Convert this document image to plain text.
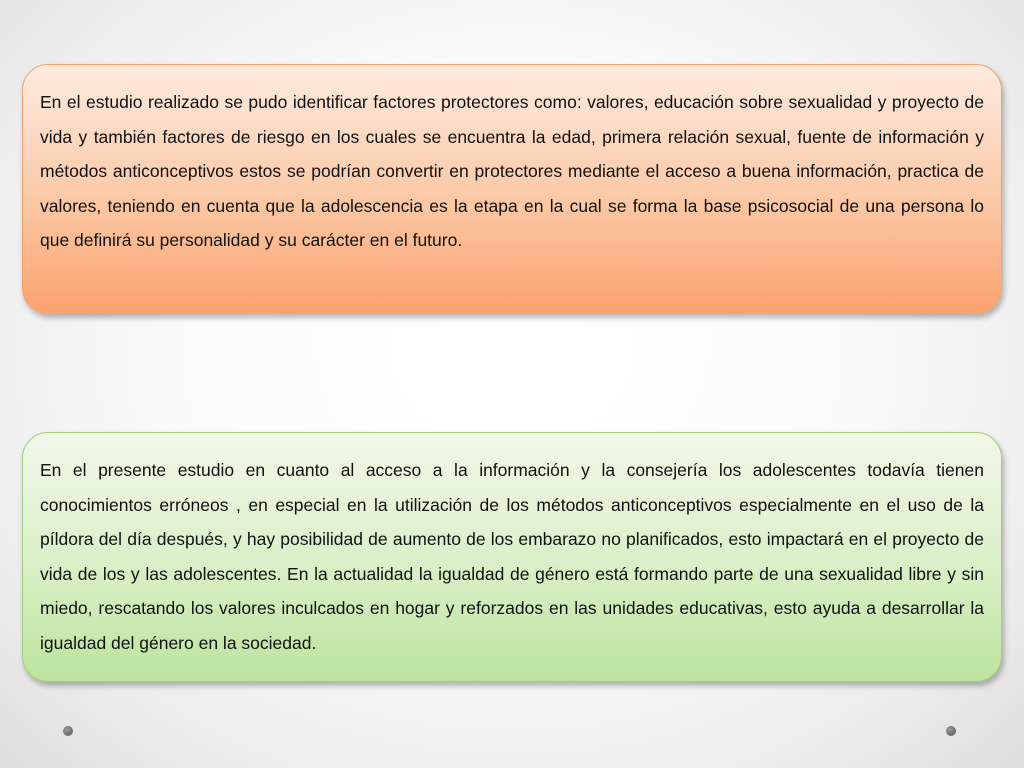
En el estudio realizado se pudo identificar factores protectores como: valores, educación sobre sexualidad y proyecto de vida y también factores de riesgo en los cuales se encuentra la edad, primera relación sexual, fuente de información y métodos anticonceptivos estos se podrían convertir en protectores mediante el acceso a buena información, practica de valores, teniendo en cuenta que la adolescencia es la etapa en la cual se forma la base psicosocial de una persona lo que definirá su personalidad y su carácter en el futuro.

En el presente estudio en cuanto al acceso a la información y la consejería los adolescentes todavía tienen conocimientos erróneos , en especial en la utilización de los métodos anticonceptivos especialmente en el uso de la píldora del día después, y hay posibilidad de aumento de los embarazo no planificados, esto impactará en el proyecto de vida de los y las adolescentes. En la actualidad la igualdad de género está formando parte de una sexualidad libre y sin miedo, rescatando los valores inculcados en hogar y reforzados en las unidades educativas, esto ayuda a desarrollar la igualdad del género en la sociedad.
